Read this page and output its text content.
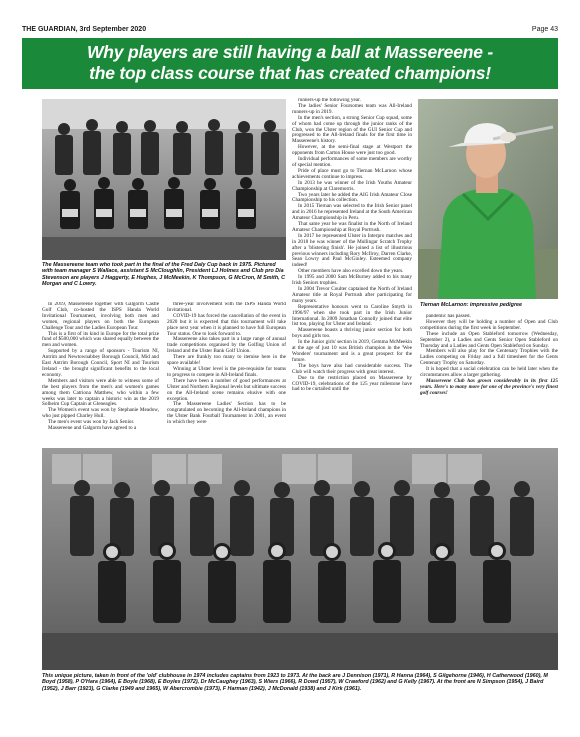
THE GUARDIAN, 3rd September 2020	Page 43
Why players are still having a ball at Massereene -
the top class course that has created champions!
The Massereene team who took part in the final of the Fred Daly Cup back in 1975. Pictured with team manager S Wallace, assistant S McCloughlin, President LJ Holmes and Club pro Dia Stevenson are players J Haggerty, E Hughes, J McMeekin, K Thompson, G McCron, M Smith, C Morgan and C Lowry.

In 2019, Massereene together with Galgorm Castle Golf Club, co-hosted the ISPS Handa World Invitational Tournament, involving both men and women, regional players on both the European Challenge Tour and the Ladies European Tour.

This is a first of its kind in Europe for the total prize fund of $500,000 which was shared equally between the men and women.

Supported by a range of sponsors - Tourism NI, Antrim and Newtownabbey Borough Council, Mid and East Antrim Borough Council, Sport NI and Tourism Ireland - the brought significant benefits to the local economy.

Members and visitors were able to witness some of the best players from the men's and women's games among them Catriona Matthew, who within a few weeks was later to captain a historic win as the 2019 Solheim Cup Captain at Gleneagles.

The Women's event was won by Stephanie Meadow, who just pipped Charley Hull.

The men's event was won by Jack Senior.

Massereene and Galgorm have agreed to a

three-year involvement with the ISPS Handa World Invitational.

COVID-19 has forced the cancellation of the event in 2020 but it is expected that this tournament will take place next year when it is planned to have full European Tour status. One to look forward to.

Massereene also takes part in a large range of annual trade competitions organised by the Golfing Union of Ireland and the Ulster Bank Golf Union.

There are frankly too many to itemise here in the space available!

Winning at Ulster level is the pre-requisite for teams to progress to compete in All-Ireland finals.

There have been a number of good performances at Ulster and Northern Regional levels but ultimate success on the All-Ireland scene remains elusive with one exception.

The Massereene Ladies' Section has to be congratulated on becoming the All-Ireland champions in the Ulster Bank Fourball Tournament in 2001, an event in which they were

runners-up the following year.

The ladies' Senior Foursomes team was All-Ireland runners-up in 2019.

In the men's section, a strong Senior Cup squad, some of whom had come up through the junior ranks of the Club, won the Ulster region of the GUI Senior Cup and progressed to the All-Ireland finals for the first time in Massereene's history.

However, at the semi-final stage at Westport the opponents from Carton House were just too good.

Individual performances of some members are worthy of special mention.

Pride of place must go to Tiernan McLarnon whose achievements continue to impress.

In 2013 he was winner of the Irish Youths Amateur Championship at Claremorris.

Two years later he added the AIG Irish Amateur Close Championship to his collection.

In 2015 Tiernan was selected to the Irish Senior panel and in 2016 he represented Ireland at the South American Amateur Championship in Peru.

That same year he was finalist in the North of Ireland Amateur Championship at Royal Portrush.

In 2017 he represented Ulster in Interpro matches and in 2018 he was winner of the Mullingar Scratch Trophy after a 'blistering finish'. He joined a list of illustrious previous winners including Rory McIlroy, Darren Clarke, Sean Lowry and Paul McGinley. Esteemed company indeed!

Other members have also excelled down the years.

In 1995 and 2000 Sam McBurney added to his many Irish Seniors trophies.

In 2004 Trevor Coulter captained the North of Ireland Amateur title at Royal Portrush after participating for many years.

Representative honours went to Caroline Smyth in 1996/97 when she took part in the Irish Junior International. In 2009 Jonathan Connolly joined that elite list too, playing for Ulster and Ireland.

Massereene boasts a thriving junior section for both boys and girls too.

In the Junior girls' section in 2019, Gemma McMeekin at the age of just 10 was British champion in the 'Wee Wonders' tournament and is a great prospect for the future.

The boys have also had considerable success. The Club will watch their progress with great interest.

Due to the restriction placed on Massereene by COVID-19, celebrations of the 125 year milestone have had to be curtailed until the

Tiernan McLarnon: impressive pedigree

pandemic has passed.

However they will be holding a number of Open and Club competitions during the first week in September.

These include an Open Stableford tomorrow (Wednesday, September 2), a Ladies and Gents Senior Open Stableford on Thursday and a Ladies and Gents Open Stableford on Sunday.

Members will also play for the Centenary Trophies with the Ladies competing on Friday and a full timesheet for the Gents Centenary Trophy on Saturday.

It is hoped that a social celebration can be held later when the circumstances allow a larger gathering.

Massereene Club has grown considerably in its first 125 years. Here's to many more for one of the province's very finest golf courses!

This unique picture, taken in front of the 'old' clubhouse in 1974 includes captains from 1923 to 1973. At the back are J Dennison (1971), R Hanna (1964), S Gilgehorne (1946), H Catherwood (1960), M Boyd (1958), P O'Hara (1964), E Boyle (1968), E Boyles (1972), Dr McCaughey (1963), S Wiers (1966), R Dowd (1957), W Crawford (1962) and G Kelly (1967). At the front are N Simpson (1954), J Baird (1952), J Barr (1923), G Clarke (1949 and 1965), W Abercrombie (1973), F Harman (1942), J McDonald (1938) and J Kirk (1961).
